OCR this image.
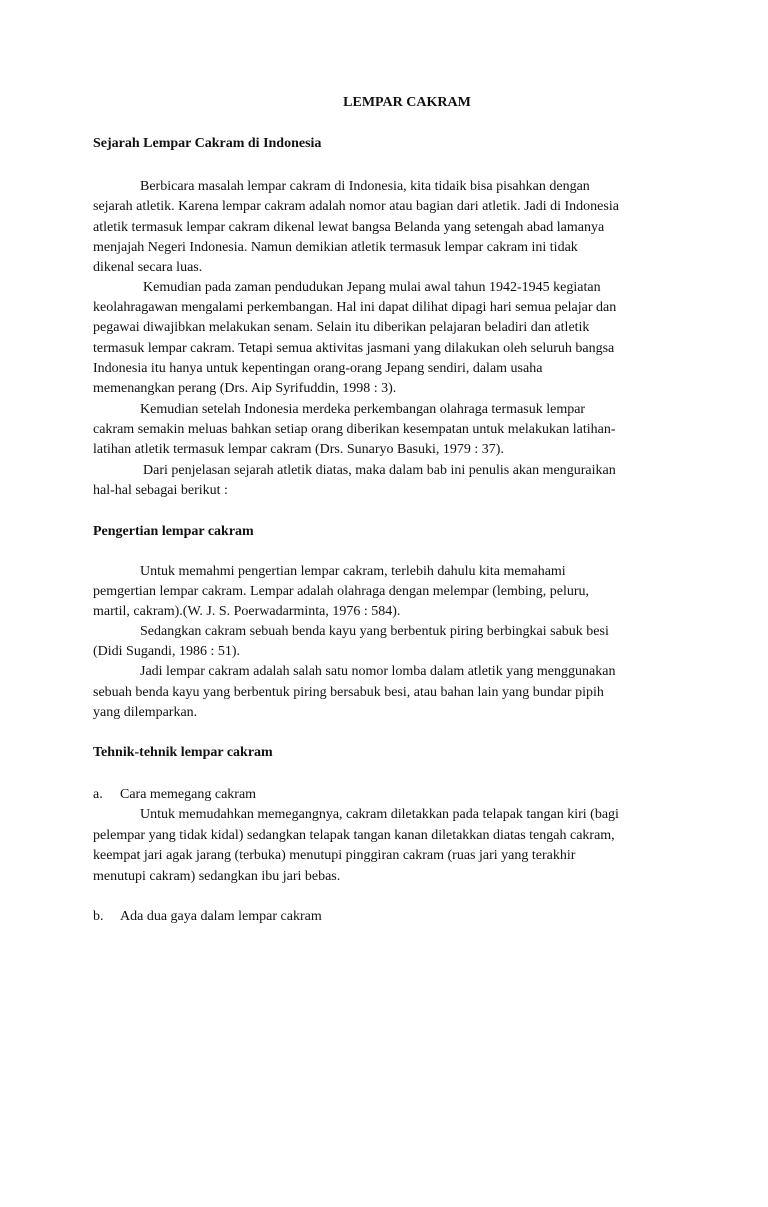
LEMPAR CAKRAM
Sejarah Lempar Cakram di Indonesia
Berbicara masalah lempar cakram di Indonesia, kita tidaik bisa pisahkan dengan
sejarah atletik. Karena lempar cakram adalah nomor atau bagian dari atletik. Jadi di Indonesia
atletik termasuk lempar cakram dikenal lewat bangsa Belanda yang setengah abad lamanya
menjajah Negeri Indonesia. Namun demikian atletik termasuk lempar cakram ini tidak
dikenal secara luas.
Kemudian pada zaman pendudukan Jepang mulai awal tahun 1942-1945 kegiatan
keolahragawan mengalami perkembangan. Hal ini dapat dilihat dipagi hari semua pelajar dan
pegawai diwajibkan melakukan senam. Selain itu diberikan pelajaran beladiri dan atletik
termasuk lempar cakram. Tetapi semua aktivitas jasmani yang dilakukan oleh seluruh bangsa
Indonesia itu hanya untuk kepentingan orang-orang Jepang sendiri, dalam usaha
memenangkan perang (Drs. Aip Syrifuddin, 1998 : 3).
Kemudian setelah Indonesia merdeka perkembangan olahraga termasuk lempar
cakram semakin meluas bahkan setiap orang diberikan kesempatan untuk melakukan latihan-
latihan atletik termasuk lempar cakram (Drs. Sunaryo Basuki, 1979 : 37).
Dari penjelasan sejarah atletik diatas, maka dalam bab ini penulis akan menguraikan
hal-hal sebagai berikut :
Pengertian lempar cakram
Untuk memahmi pengertian lempar cakram, terlebih dahulu kita memahami
pemgertian lempar cakram. Lempar adalah olahraga dengan melempar (lembing, peluru,
martil, cakram).(W. J. S. Poerwadarminta, 1976 : 584).
Sedangkan cakram sebuah benda kayu yang berbentuk piring berbingkai sabuk besi
(Didi Sugandi, 1986 : 51).
Jadi lempar cakram adalah salah satu nomor lomba dalam atletik yang menggunakan
sebuah benda kayu yang berbentuk piring bersabuk besi, atau bahan lain yang bundar pipih
yang dilemparkan.
Tehnik-tehnik lempar cakram
a. Cara memegang cakram
Untuk memudahkan memegangnya, cakram diletakkan pada telapak tangan kiri (bagi
pelempar yang tidak kidal) sedangkan telapak tangan kanan diletakkan diatas tengah cakram,
keempat jari agak jarang (terbuka) menutupi pinggiran cakram (ruas jari yang terakhir
menutupi cakram) sedangkan ibu jari bebas.
b. Ada dua gaya dalam lempar cakram
